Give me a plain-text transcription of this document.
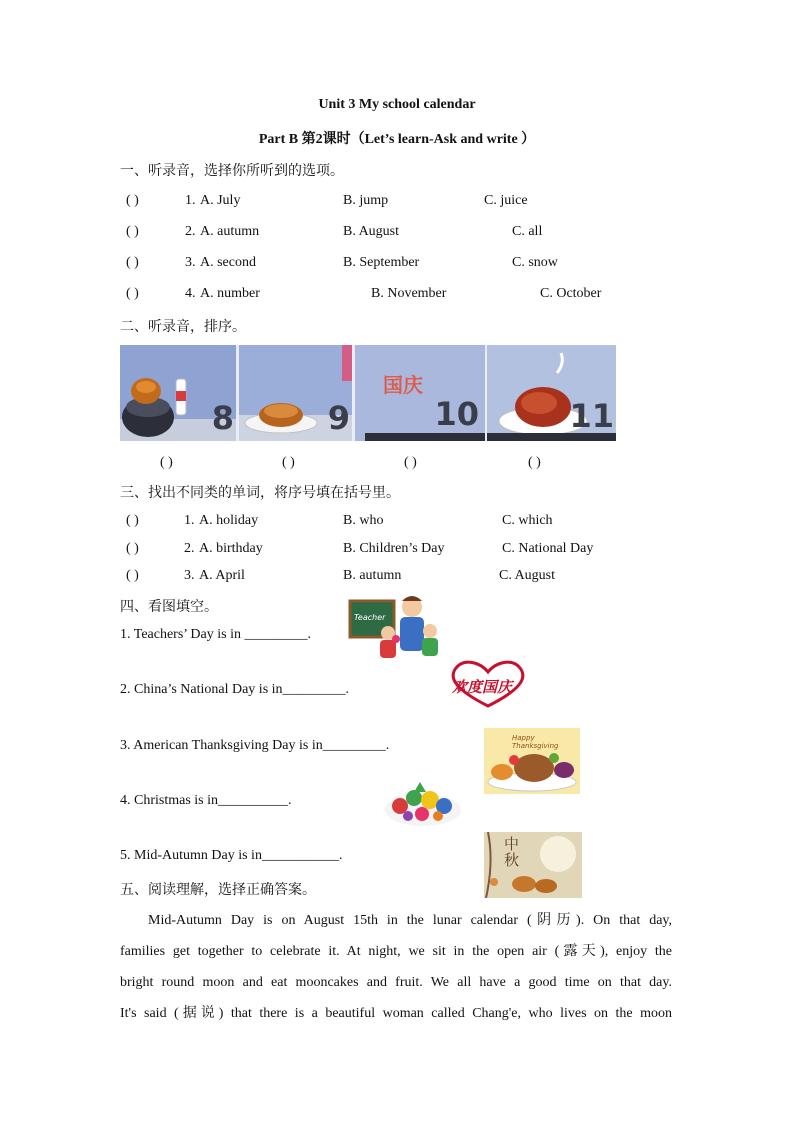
Unit 3 My school calendar
Part B 第2课时（Let’s learn-Ask and write ）
一、听录音，选择你所听到的选项。
( )	1. A. July	B. jump	C. juice
( )	2. A. autumn	B. August	C. all
( )	3. A. second	B. September	C. snow
( )	4. A. number	B. November	C. October
二、听录音，排序。
8	9
国庆
10	11
( )	( )	( )	( )
三、找出不同类的单词，将序号填在括号里。
( )	1. A. holiday	B. who	C. which
( )	2. A. birthday	B. Children’s Day	C. National Day
( )	3. A. April	B. autumn	C. August
四、看图填空。
1. Teachers’ Day is in _________.
Teacher
2. China’s National Day is in_________.	欢度国庆
3. American Thanksgiving Day is in_________.	Happy Thanksgiving
4. Christmas is in__________.
5. Mid-Autumn Day is in___________.
中秋
五、阅读理解，选择正确答案。
Mid-Autumn Day is on August 15th in the lunar calendar (阴历). On that day,
families get together to celebrate it. At night, we sit in the open air (露天), enjoy the
bright round moon and eat mooncakes and fruit. We all have a good time on that day.
It's said (据说) that there is a beautiful woman called Chang'e, who lives on the moon
